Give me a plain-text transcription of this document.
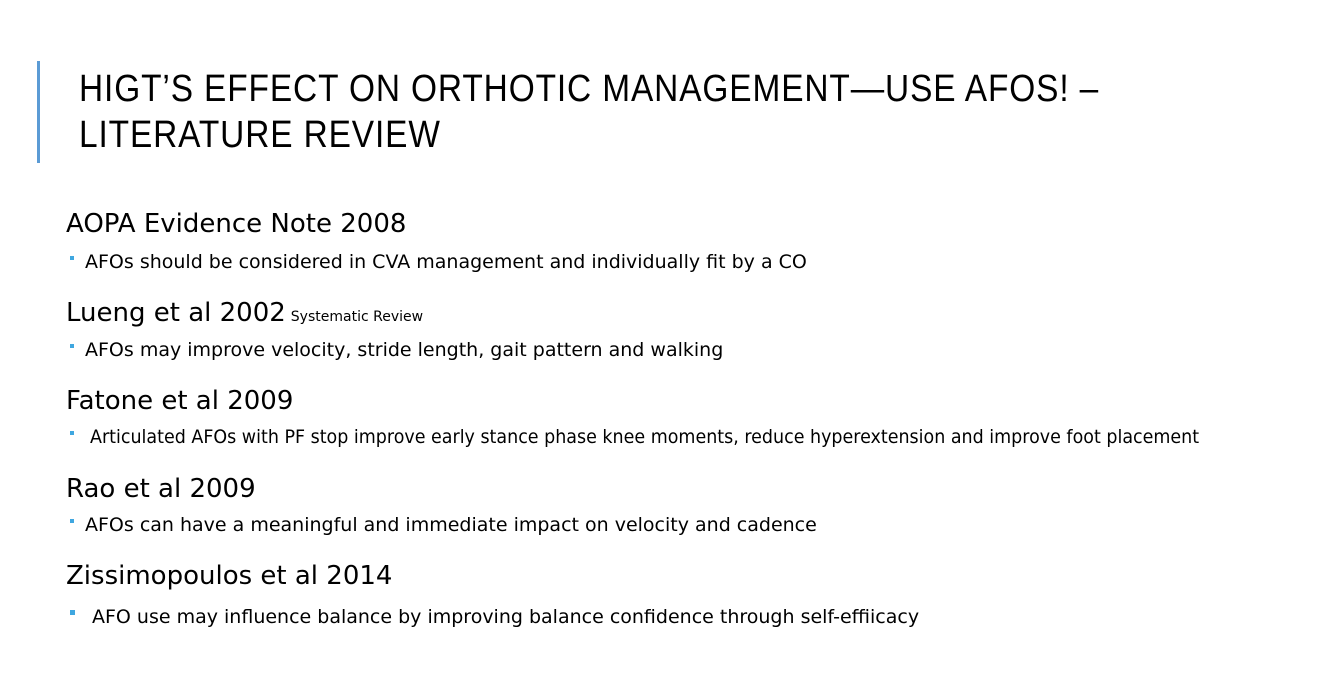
HIGT’S EFFECT ON ORTHOTIC MANAGEMENT—USE AFOS! –
LITERATURE REVIEW
AOPA Evidence Note 2008
AFOs should be considered in CVA management and individually fit by a CO
Lueng et al 2002 Systematic Review
AFOs may improve velocity, stride length, gait pattern and walking
Fatone et al 2009
Articulated AFOs with PF stop improve early stance phase knee moments, reduce hyperextension and improve foot placement
Rao et al 2009
AFOs can have a meaningful and immediate impact on velocity and cadence
Zissimopoulos et al 2014
AFO use may influence balance by improving balance confidence through self-effiicacy
